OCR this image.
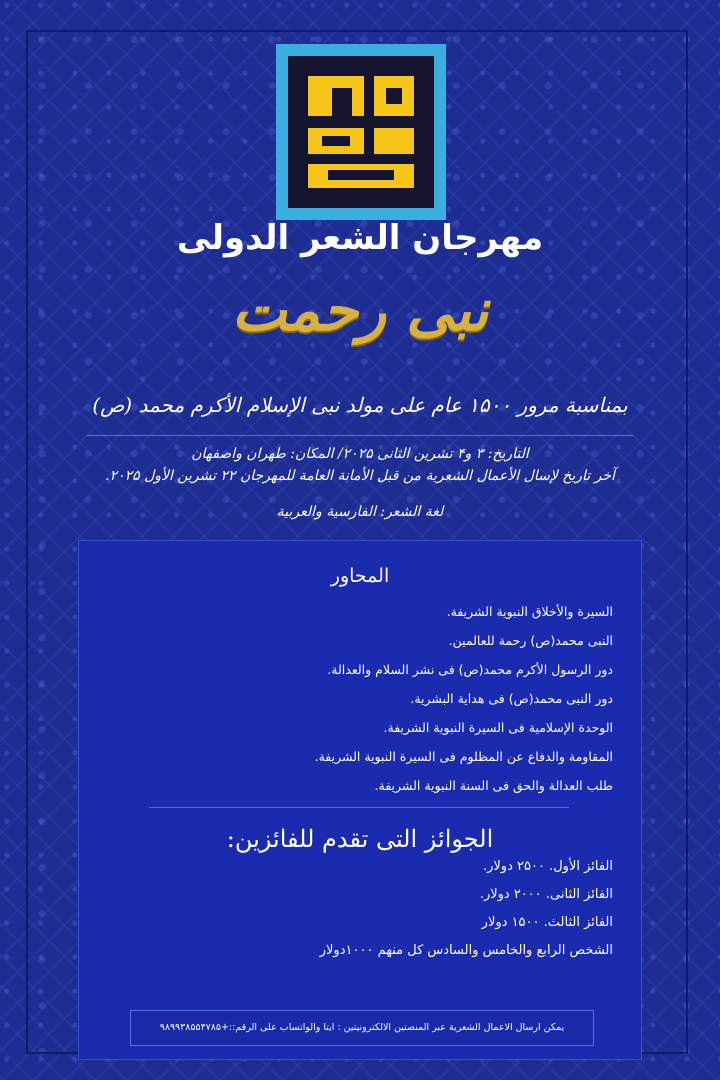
مهرجان الشعر الدولی
نبی رحمت
بمناسبة مرور ۱۵۰۰ عام علی مولد نبی الإسلام الأکرم محمد (ص)
التاریخ: ۳ و۴ تشرین الثانی ۲۰۲۵/ المکان: طهران واصفهان
آخر تاریخ لإسال الأعمال الشعریة من قبل الأمانة العامة للمهرجان ۲۲ تشرین الأول ۲۰۲۵.
لغة الشعر: الفارسیة والعربیة
المحاور
السیرة والأخلاق النبویة الشریفة.
النبی محمد(ص) رحمة للعالمین.
دور الرسول الأکرم محمد(ص) فی نشر السلام والعدالة.
دور النبی محمد(ص) فی هدایة البشریة.
الوحدة الإسلامیة فی السیرة النبویة الشریفة.
المقاومة والدفاع عن المظلوم فی السیرة النبویة الشریفة.
طلب العدالة والحق فی السنة النبویة الشریفة.
الجوائز التی تقدم للفائزین:
الفائز الأول. ۲۵۰۰ دولار.
الفائز الثانی. ۲۰۰۰ دولار.
الفائز الثالث. ۱۵۰۰ دولار
الشخص الرابع والخامس والسادس کل منهم ۱۰۰۰دولار
یمکن ارسال الاعمال الشعریة عبر المنصتین الالکترونیتین : ایتا والواتساب علی الرقم::+۹۸۹۹۳۸۵۵۴۷۸۵
